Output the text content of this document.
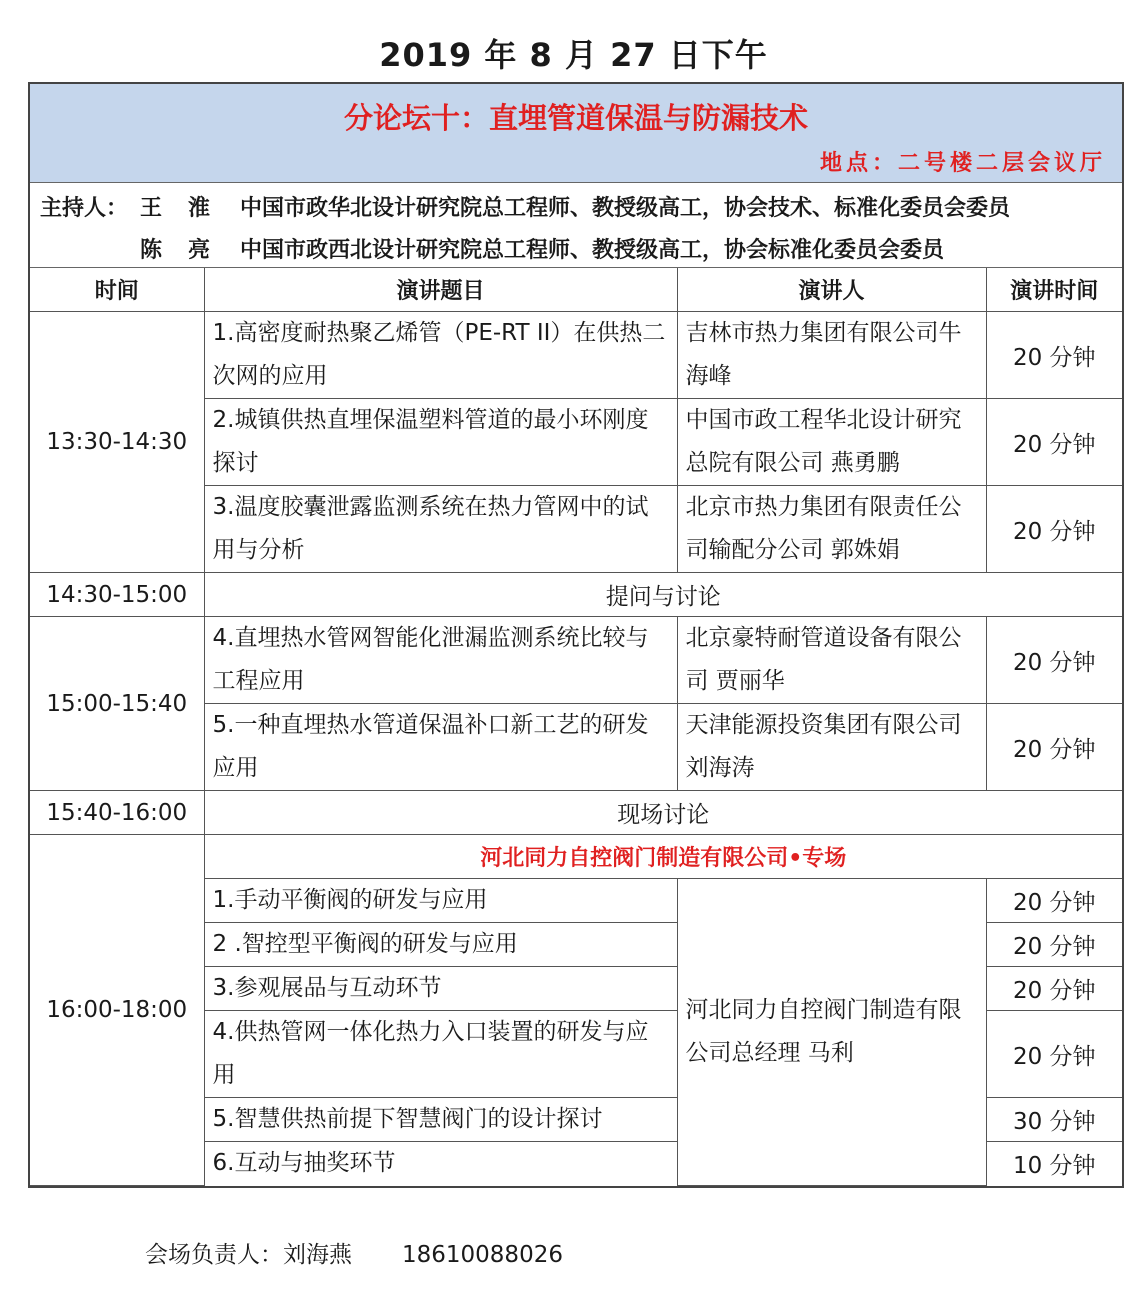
2019 年 8 月 27 日下午
分论坛十：直埋管道保温与防漏技术
地点：二号楼二层会议厅
主持人： 王淮 中国市政华北设计研究院总工程师、教授级高工，协会技术、标准化委员会委员
陈亮 中国市政西北设计研究院总工程师、教授级高工，协会标准化委员会委员
时间	演讲题目	演讲人	演讲时间
13:30-14:30	1.高密度耐热聚乙烯管（PE-RT II）在供热二次网的应用	吉林市热力集团有限公司牛海峰	20 分钟
	2.城镇供热直埋保温塑料管道的最小环刚度探讨	中国市政工程华北设计研究总院有限公司 燕勇鹏	20 分钟
	3.温度胶囊泄露监测系统在热力管网中的试用与分析	北京市热力集团有限责任公司输配分公司 郭姝娟	20 分钟
14:30-15:00	提问与讨论		
15:00-15:40	4.直埋热水管网智能化泄漏监测系统比较与工程应用	北京豪特耐管道设备有限公司 贾丽华	20 分钟
	5.一种直埋热水管道保温补口新工艺的研发应用	天津能源投资集团有限公司 刘海涛	20 分钟
15:40-16:00	现场讨论		
16:00-18:00	河北同力自控阀门制造有限公司•专场		
	1.手动平衡阀的研发与应用	河北同力自控阀门制造有限公司总经理 马利	20 分钟
	2 .智控型平衡阀的研发与应用		20 分钟
	3.参观展品与互动环节		20 分钟
	4.供热管网一体化热力入口装置的研发与应用		20 分钟

	5.智慧供热前提下智慧阀门的设计探讨		30 分钟
	6.互动与抽奖环节		10 分钟
会场负责人：刘海燕 18610088026
